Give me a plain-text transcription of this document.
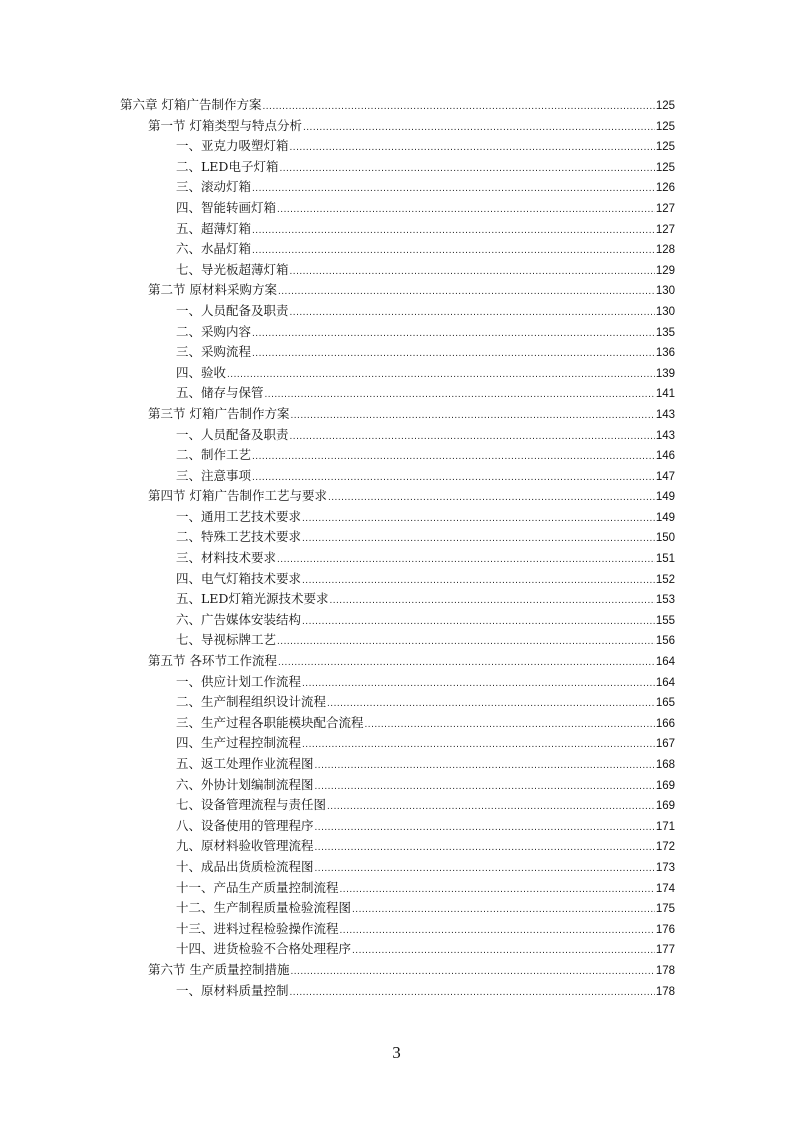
第六章 灯箱广告制作方案 .....	125
第一节 灯箱类型与特点分析 .....	125
一、亚克力吸塑灯箱 .....	125
二、LED电子灯箱 .....	125
三、滚动灯箱 .....	126
四、智能转画灯箱 .....	127
五、超薄灯箱 .....	127
六、水晶灯箱 .....	128
七、导光板超薄灯箱 .....	129
第二节 原材料采购方案 .....	130
一、人员配备及职责 .....	130
二、采购内容 .....	135
三、采购流程 .....	136
四、验收 .....	139
五、储存与保管 .....	141
第三节 灯箱广告制作方案 .....	143
一、人员配备及职责 .....	143
二、制作工艺 .....	146
三、注意事项 .....	147
第四节 灯箱广告制作工艺与要求 .....	149
一、通用工艺技术要求 .....	149
二、特殊工艺技术要求 .....	150
三、材料技术要求 .....	151
四、电气灯箱技术要求 .....	152
五、LED灯箱光源技术要求 .....	153
六、广告媒体安装结构 .....	155
七、导视标牌工艺 .....	156
第五节 各环节工作流程 .....	164
一、供应计划工作流程 .....	164
二、生产制程组织设计流程 .....	165
三、生产过程各职能模块配合流程 .....	166
四、生产过程控制流程 .....	167
五、返工处理作业流程图 .....	168
六、外协计划编制流程图 .....	169
七、设备管理流程与责任图 .....	169
八、设备使用的管理程序 .....	171
九、原材料验收管理流程 .....	172
十、成品出货质检流程图 .....	173
十一、产品生产质量控制流程 .....	174
十二、生产制程质量检验流程图 .....	175
十三、进料过程检验操作流程 .....	176
十四、进货检验不合格处理程序 .....	177
第六节 生产质量控制措施 .....	178
一、原材料质量控制 .....	178
3
